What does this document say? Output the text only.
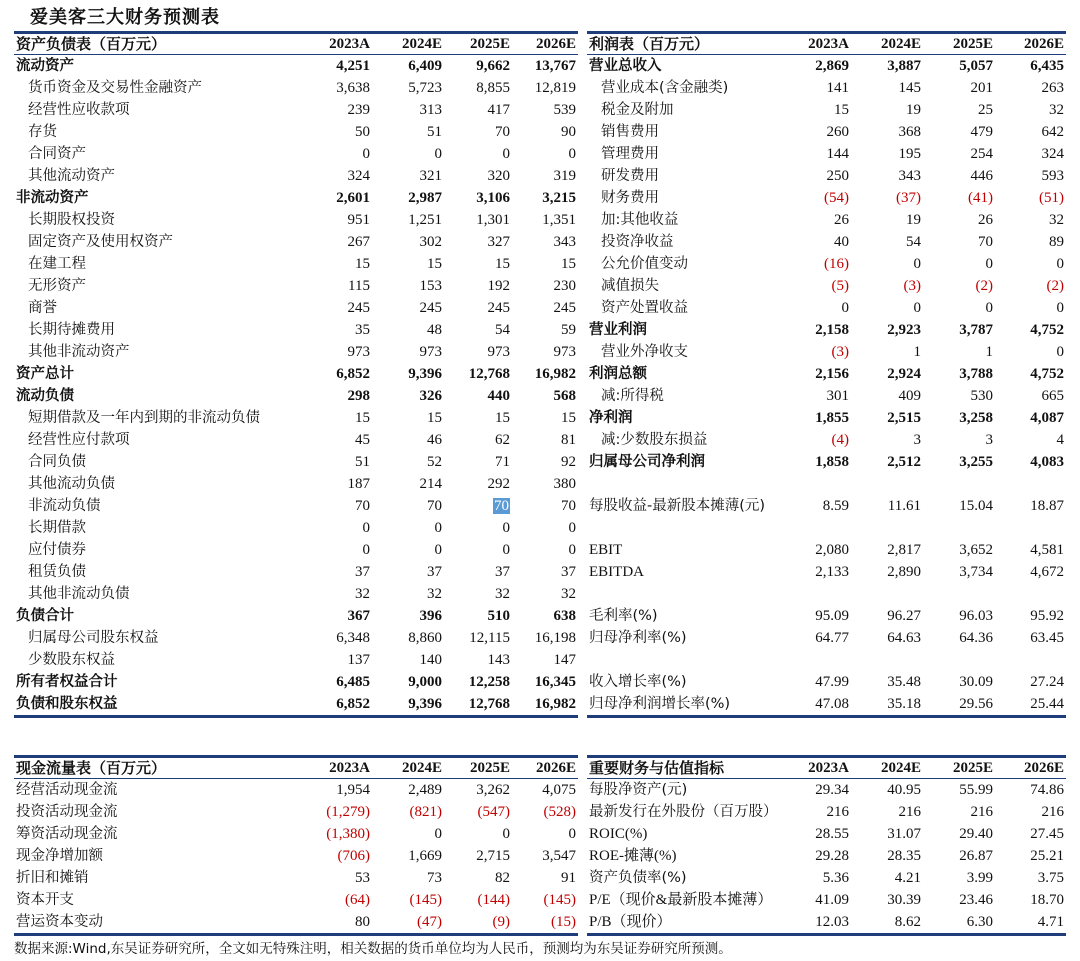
爱美客三大财务预测表
资产负债表（百万元）	2023A	2024E	2025E	2026E
流动资产	4,251	6,409	9,662	13,767
货币资金及交易性金融资产	3,638	5,723	8,855	12,819
经营性应收款项	239	313	417	539
存货	50	51	70	90
合同资产	0	0	0	0
其他流动资产	324	321	320	319
非流动资产	2,601	2,987	3,106	3,215
长期股权投资	951	1,251	1,301	1,351
固定资产及使用权资产	267	302	327	343
在建工程	15	15	15	15
无形资产	115	153	192	230
商誉	245	245	245	245
长期待摊费用	35	48	54	59
其他非流动资产	973	973	973	973
资产总计	6,852	9,396	12,768	16,982
流动负债	298	326	440	568
短期借款及一年内到期的非流动负债	15	15	15	15
经营性应付款项	45	46	62	81
合同负债	51	52	71	92
其他流动负债	187	214	292	380
非流动负债	70	70	70	70
长期借款	0	0	0	0
应付债券	0	0	0	0
租赁负债	37	37	37	37
其他非流动负债	32	32	32	32
负债合计	367	396	510	638
归属母公司股东权益	6,348	8,860	12,115	16,198
少数股东权益	137	140	143	147
所有者权益合计	6,485	9,000	12,258	16,345
负债和股东权益	6,852	9,396	12,768	16,982
利润表（百万元）	2023A	2024E	2025E	2026E
营业总收入	2,869	3,887	5,057	6,435
营业成本(含金融类)	141	145	201	263
税金及附加	15	19	25	32
销售费用	260	368	479	642
管理费用	144	195	254	324
研发费用	250	343	446	593
财务费用	(54)	(37)	(41)	(51)
加:其他收益	26	19	26	32
投资净收益	40	54	70	89
公允价值变动	(16)	0	0	0
减值损失	(5)	(3)	(2)	(2)
资产处置收益	0	0	0	0
营业利润	2,158	2,923	3,787	4,752
营业外净收支	(3)	1	1	0
利润总额	2,156	2,924	3,788	4,752
减:所得税	301	409	530	665
净利润	1,855	2,515	3,258	4,087
减:少数股东损益	(4)	3	3	4
归属母公司净利润	1,858	2,512	3,255	4,083

每股收益-最新股本摊薄(元)	8.59	11.61	15.04	18.87

EBIT	2,080	2,817	3,652	4,581
EBITDA	2,133	2,890	3,734	4,672

毛利率(%)	95.09	96.27	96.03	95.92
归母净利率(%)	64.77	64.63	64.36	63.45

收入增长率(%)	47.99	35.48	30.09	27.24
归母净利润增长率(%)	47.08	35.18	29.56	25.44
现金流量表（百万元）	2023A	2024E	2025E	2026E
经营活动现金流	1,954	2,489	3,262	4,075
投资活动现金流	(1,279)	(821)	(547)	(528)
筹资活动现金流	(1,380)	0	0	0
现金净增加额	(706)	1,669	2,715	3,547
折旧和摊销	53	73	82	91
资本开支	(64)	(145)	(144)	(145)
营运资本变动	80	(47)	(9)	(15)
重要财务与估值指标	2023A	2024E	2025E	2026E
每股净资产(元)	29.34	40.95	55.99	74.86
最新发行在外股份（百万股）	216	216	216	216
ROIC(%)	28.55	31.07	29.40	27.45
ROE-摊薄(%)	29.28	28.35	26.87	25.21
资产负债率(%)	5.36	4.21	3.99	3.75
P/E（现价&最新股本摊薄）	41.09	30.39	23.46	18.70
P/B（现价）	12.03	8.62	6.30	4.71
数据来源:Wind,东吴证券研究所，全文如无特殊注明，相关数据的货币单位均为人民币，预测均为东吴证券研究所预测。
